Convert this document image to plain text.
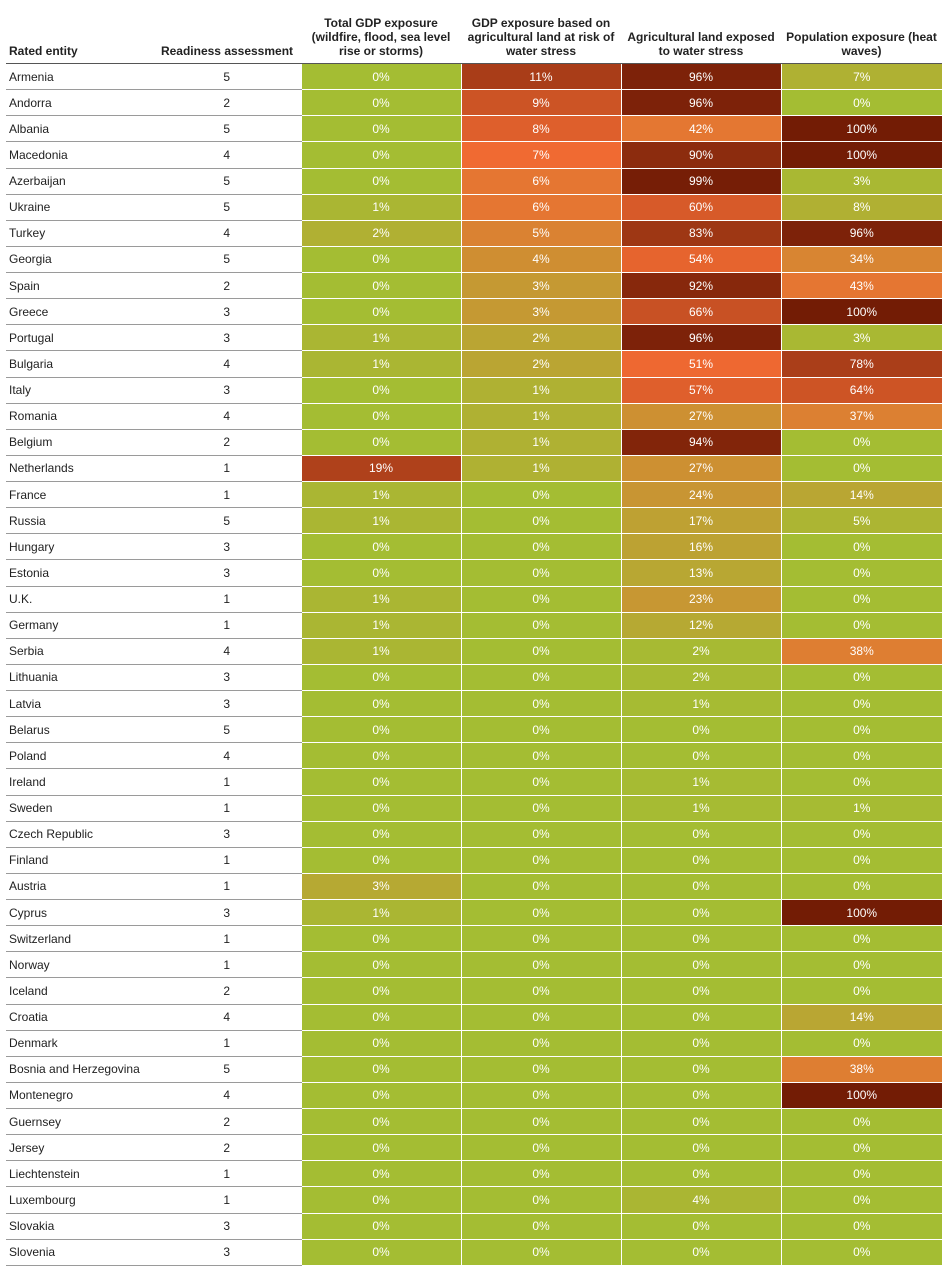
Rated entity	Readiness assessment	Total GDP exposure (wildfire, flood, sea level rise or storms)	GDP exposure based on agricultural land at risk of water stress	Agricultural land exposed to water stress	Population exposure (heat waves)
Armenia	5	0%	11%	96%	7%
Andorra	2	0%	9%	96%	0%
Albania	5	0%	8%	42%	100%
Macedonia	4	0%	7%	90%	100%
Azerbaijan	5	0%	6%	99%	3%
Ukraine	5	1%	6%	60%	8%
Turkey	4	2%	5%	83%	96%
Georgia	5	0%	4%	54%	34%
Spain	2	0%	3%	92%	43%
Greece	3	0%	3%	66%	100%
Portugal	3	1%	2%	96%	3%
Bulgaria	4	1%	2%	51%	78%
Italy	3	0%	1%	57%	64%
Romania	4	0%	1%	27%	37%
Belgium	2	0%	1%	94%	0%
Netherlands	1	19%	1%	27%	0%
France	1	1%	0%	24%	14%
Russia	5	1%	0%	17%	5%
Hungary	3	0%	0%	16%	0%
Estonia	3	0%	0%	13%	0%
U.K.	1	1%	0%	23%	0%
Germany	1	1%	0%	12%	0%
Serbia	4	1%	0%	2%	38%
Lithuania	3	0%	0%	2%	0%
Latvia	3	0%	0%	1%	0%
Belarus	5	0%	0%	0%	0%
Poland	4	0%	0%	0%	0%
Ireland	1	0%	0%	1%	0%
Sweden	1	0%	0%	1%	1%
Czech Republic	3	0%	0%	0%	0%
Finland	1	0%	0%	0%	0%
Austria	1	3%	0%	0%	0%
Cyprus	3	1%	0%	0%	100%
Switzerland	1	0%	0%	0%	0%
Norway	1	0%	0%	0%	0%
Iceland	2	0%	0%	0%	0%
Croatia	4	0%	0%	0%	14%
Denmark	1	0%	0%	0%	0%
Bosnia and Herzegovina	5	0%	0%	0%	38%
Montenegro	4	0%	0%	0%	100%
Guernsey	2	0%	0%	0%	0%
Jersey	2	0%	0%	0%	0%
Liechtenstein	1	0%	0%	0%	0%
Luxembourg	1	0%	0%	4%	0%
Slovakia	3	0%	0%	0%	0%
Slovenia	3	0%	0%	0%	0%
